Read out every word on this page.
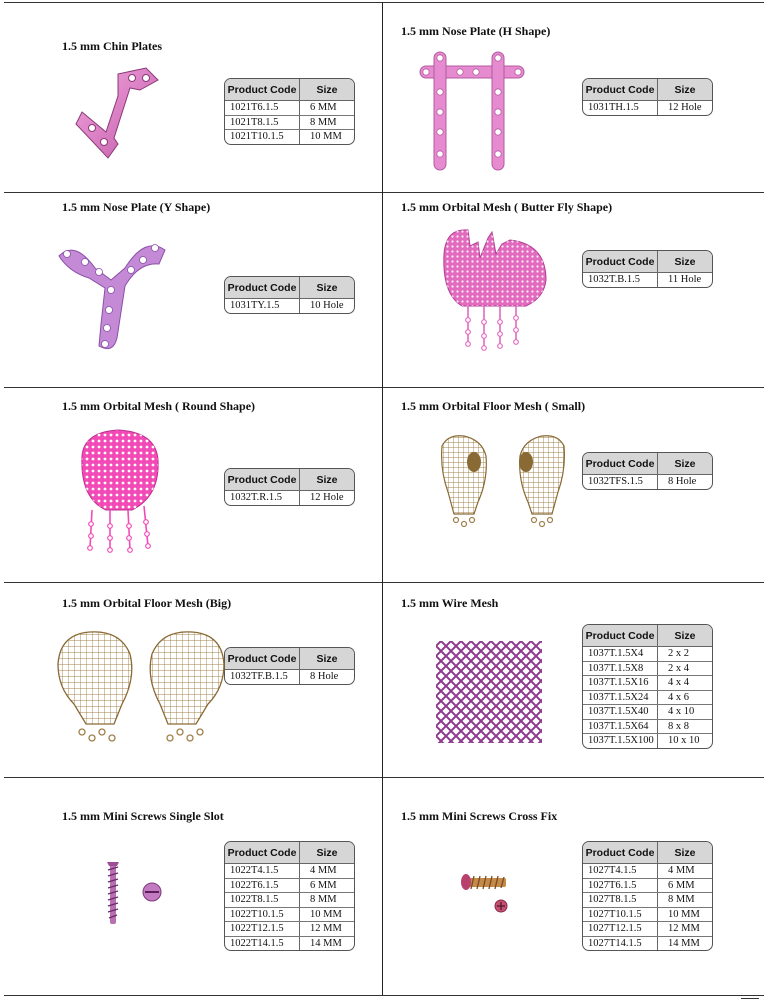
1.5 mm Chin Plates
Product Code	Size
1021T6.1.5	6 MM
1021T8.1.5	8 MM
1021T10.1.5	10 MM
1.5 mm Nose Plate (H Shape)
Product Code	Size
1031TH.1.5	12 Hole
1.5 mm Nose Plate (Y Shape)
Product Code	Size
1031TY.1.5	10 Hole
1.5 mm Orbital Mesh ( Butter Fly Shape)
Product Code	Size
1032T.B.1.5	11 Hole
1.5 mm Orbital Mesh ( Round Shape)
Product Code	Size
1032T.R.1.5	12 Hole
1.5 mm Orbital Floor Mesh ( Small)
Product Code	Size
1032TFS.1.5	8 Hole
1.5 mm Orbital Floor Mesh (Big)
Product Code	Size
1032TF.B.1.5	8 Hole
1.5 mm Wire Mesh
Product Code	Size
1037T.1.5X4	2 x 2
1037T.1.5X8	2 x 4
1037T.1.5X16	4 x 4
1037T.1.5X24	4 x 6
1037T.1.5X40	4 x 10
1037T.1.5X64	8 x 8
1037T.1.5X100	10 x 10
1.5 mm Mini Screws Single Slot
Product Code	Size
1022T4.1.5	4 MM
1022T6.1.5	6 MM
1022T8.1.5	8 MM
1022T10.1.5	10 MM
1022T12.1.5	12 MM
1022T14.1.5	14 MM
1.5 mm Mini Screws Cross Fix
Product Code	Size
1027T4.1.5	4 MM
1027T6.1.5	6 MM
1027T8.1.5	8 MM
1027T10.1.5	10 MM
1027T12.1.5	12 MM
1027T14.1.5	14 MM
